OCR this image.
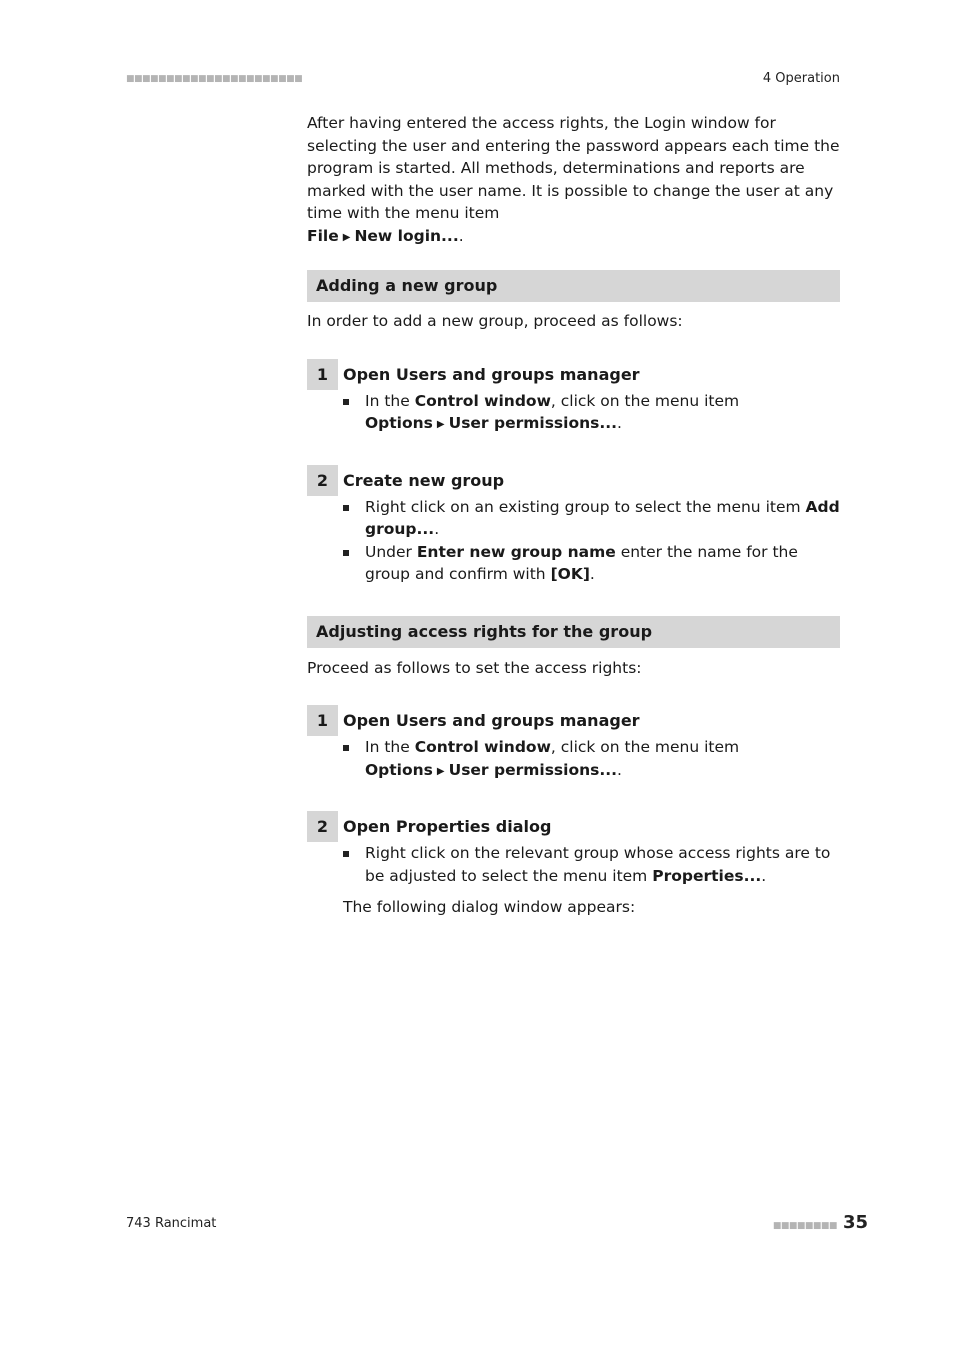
■■■■■■■■■■■■■■■■■■■■■■	4 Operation

After having entered the access rights, the Login window for selecting the user and entering the password appears each time the program is started. All methods, determinations and reports are marked with the user name. It is possible to change the user at any time with the menu item
File ▶ New login....

Adding a new group

In order to add a new group, proceed as follows:

1 Open Users and groups manager
In the Control window, click on the menu item
Options ▶ User permissions....
2 Create new group
Right click on an existing group to select the menu item Add group....
Under Enter new group name enter the name for the group and confirm with [OK].
Adjusting access rights for the group

Proceed as follows to set the access rights:

1 Open Users and groups manager
In the Control window, click on the menu item
Options ▶ User permissions....
2 Open Properties dialog
Right click on the relevant group whose access rights are to be adjusted to select the menu item Properties....

The following dialog window appears:

743 Rancimat	■■■■■■■■ 35
